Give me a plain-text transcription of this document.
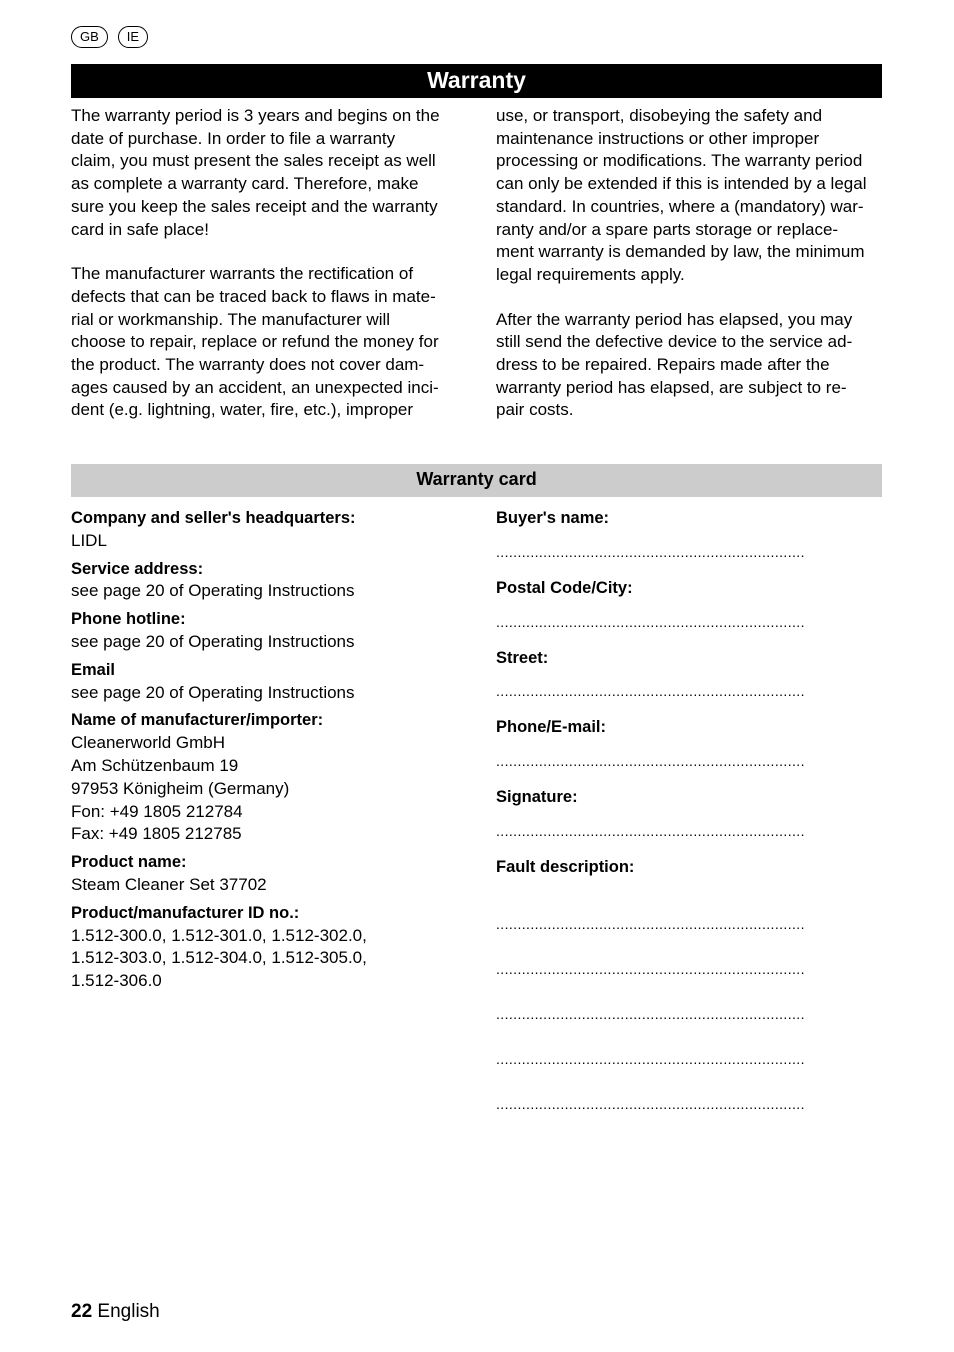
GB	IE
Warranty

The warranty period is 3 years and begins on the
date of purchase. In order to file a warranty
claim, you must present the sales receipt as well
as complete a warranty card. Therefore, make
sure you keep the sales receipt and the warranty
card in safe place!

The manufacturer warrants the rectification of
defects that can be traced back to flaws in mate-
rial or workmanship. The manufacturer will
choose to repair, replace or refund the money for
the product. The warranty does not cover dam-
ages caused by an accident, an unexpected inci-
dent (e.g. lightning, water, fire, etc.), improper

use, or transport, disobeying the safety and
maintenance instructions or other improper
processing or modifications. The warranty period
can only be extended if this is intended by a legal
standard. In countries, where a (mandatory) war-
ranty and/or a spare parts storage or replace-
ment warranty is demanded by law, the minimum
legal requirements apply.

After the warranty period has elapsed, you may
still send the defective device to the service ad-
dress to be repaired. Repairs made after the
warranty period has elapsed, are subject to re-
pair costs.

Warranty card
Company and seller's headquarters:
LIDL
Service address:
see page 20 of Operating Instructions
Phone hotline:
see page 20 of Operating Instructions
Email
see page 20 of Operating Instructions
Name of manufacturer/importer:
Cleanerworld GmbH
Am Schützenbaum 19
97953 Königheim (Germany)
Fon: +49 1805 212784
Fax: +49 1805 212785
Product name:
Steam Cleaner Set 37702
Product/manufacturer ID no.:
1.512-300.0, 1.512-301.0, 1.512-302.0,
1.512-303.0, 1.512-304.0, 1.512-305.0,
1.512-306.0
Buyer's name:
........................................................................
Postal Code/City:
........................................................................
Street:
........................................................................
Phone/E-mail:
........................................................................
Signature:
........................................................................
Fault description:
........................................................................
........................................................................
........................................................................
........................................................................
........................................................................
22 English
